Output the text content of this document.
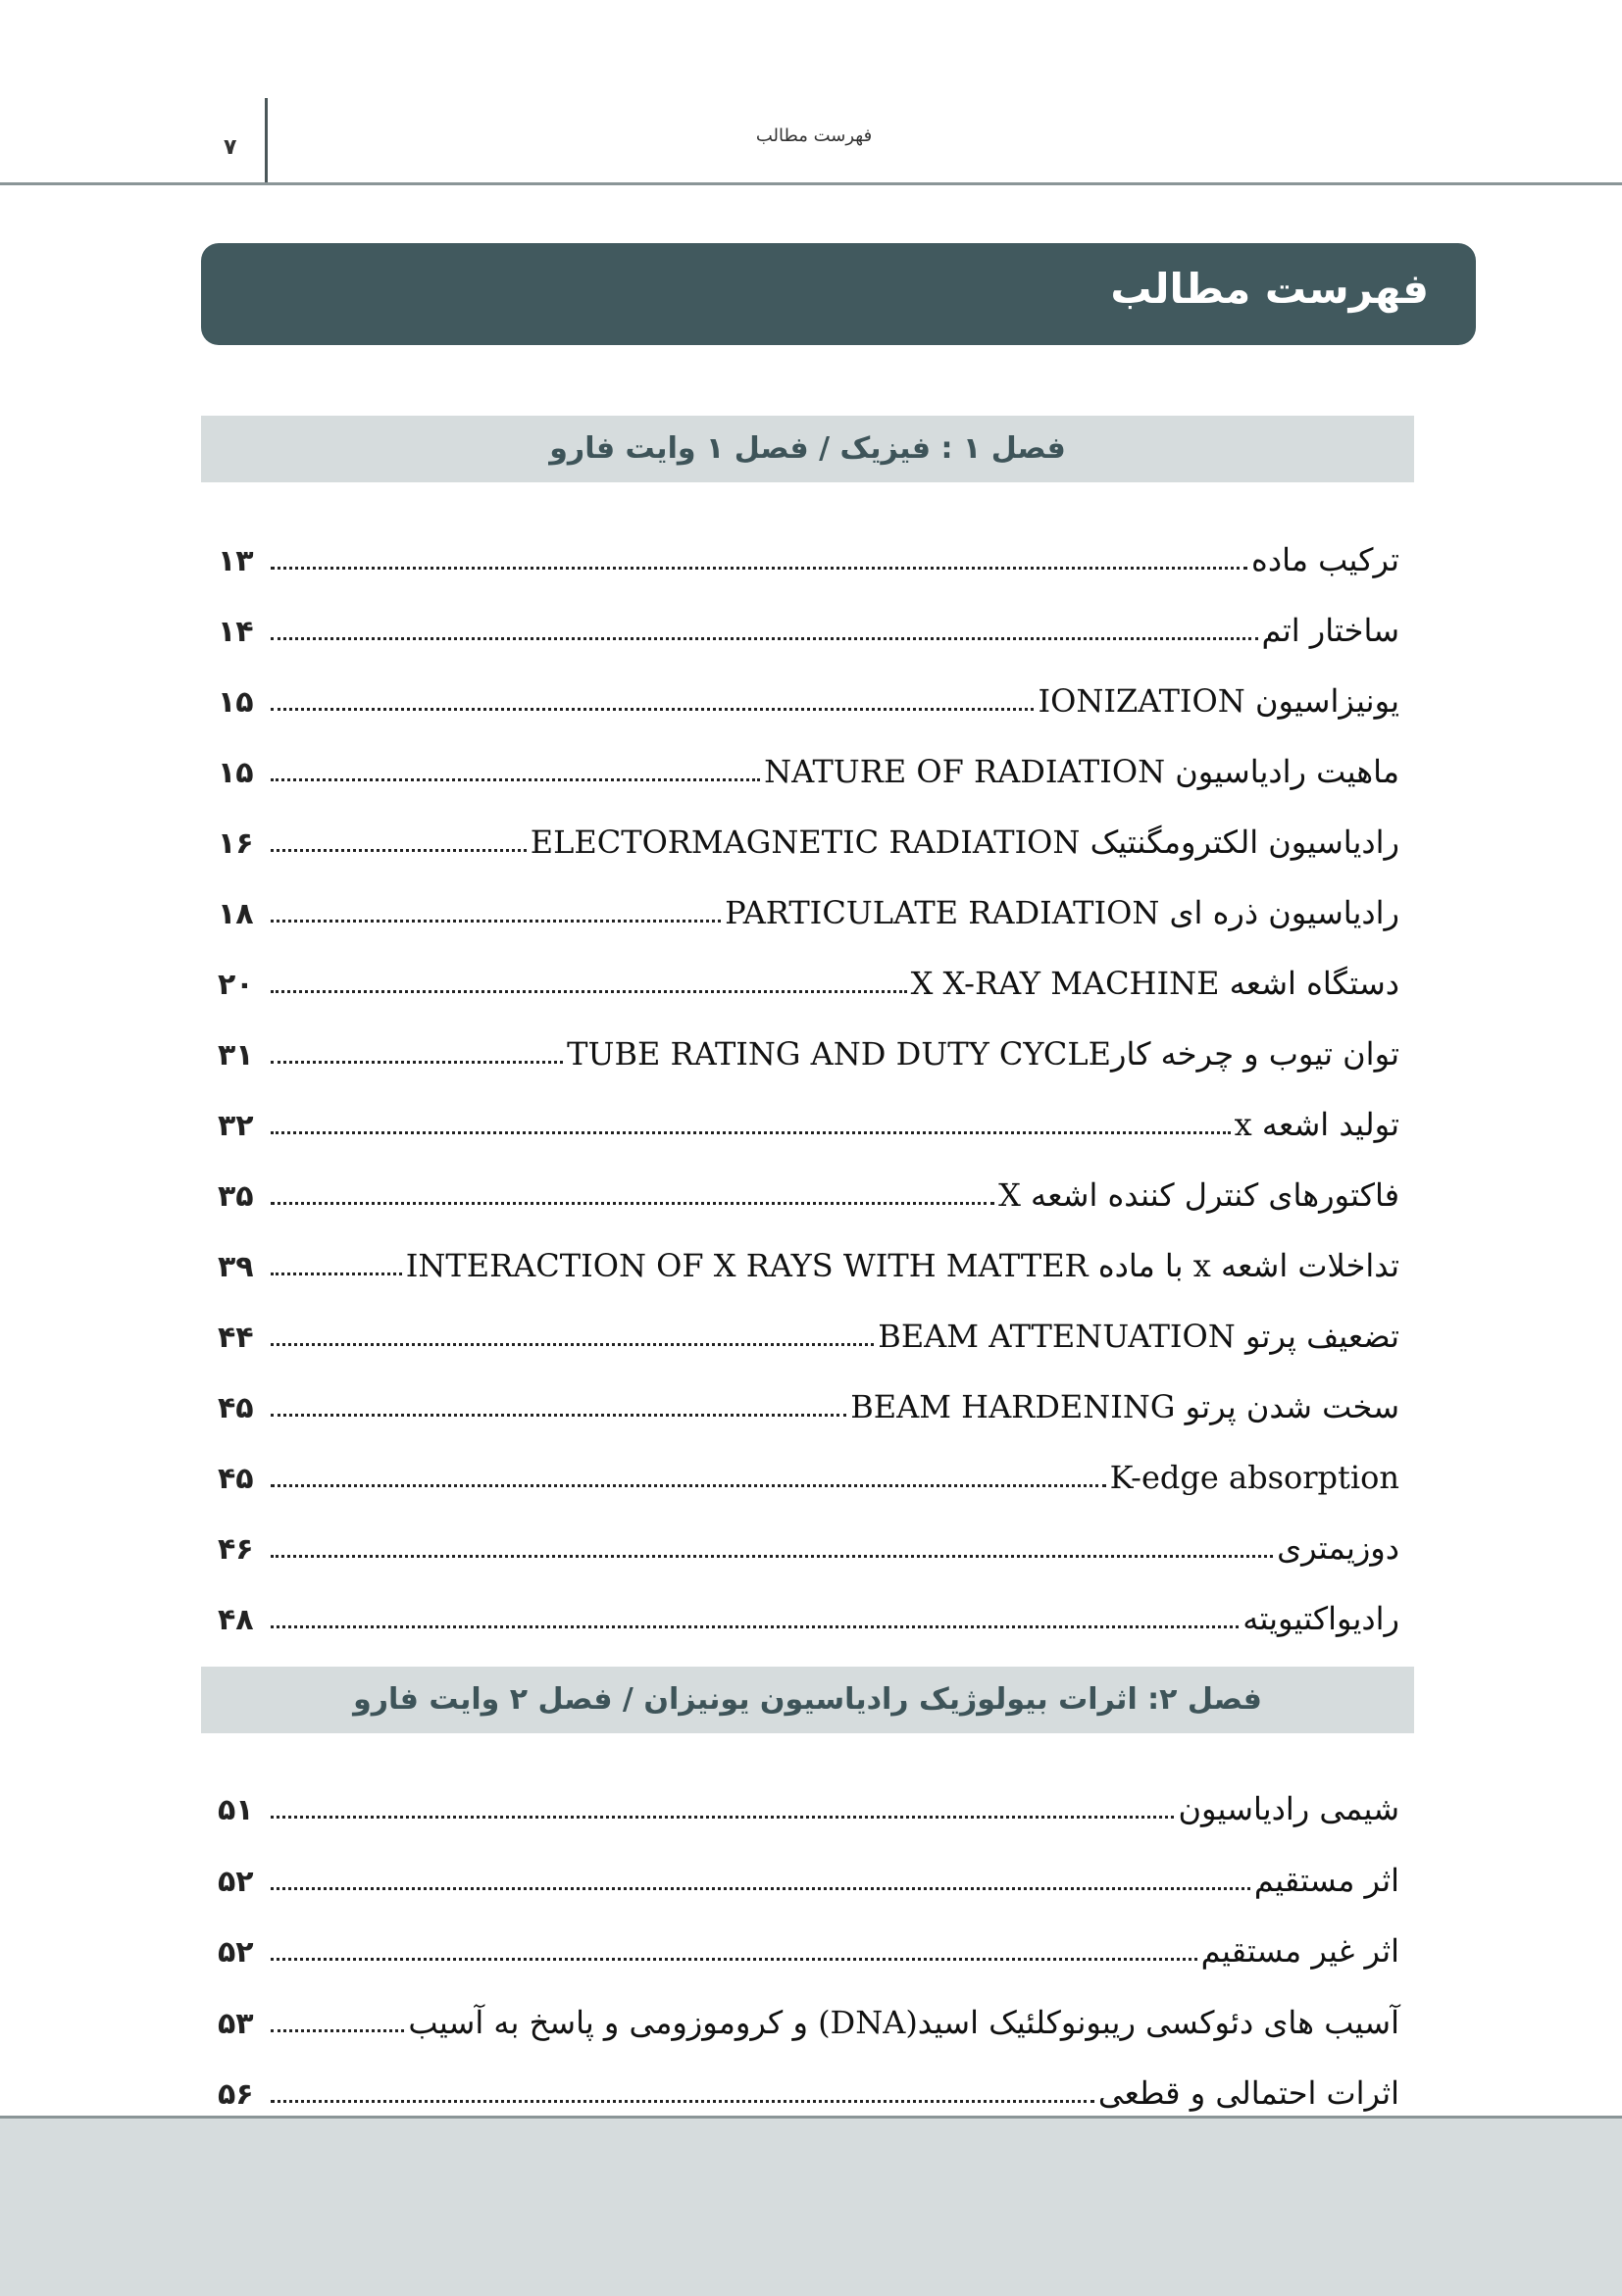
۷	فهرست مطالب
فهرست مطالب
فصل ۱ : فیزیک / فصل ۱ وایت فارو
ترکیب ماده
۱۳
ساختار اتم
۱۴
یونیزاسیون IONIZATION
۱۵
ماهیت رادیاسیون NATURE OF RADIATION
۱۵
رادیاسیون الکترومگنتیک ELECTORMAGNETIC RADIATION
۱۶
رادیاسیون ذره ای PARTICULATE RADIATION
۱۸
دستگاه اشعه X X-RAY MACHINE
۲۰
توان تیوب و چرخه کارTUBE RATING AND DUTY CYCLE
۳۱
تولید اشعه x
۳۲
فاکتورهای کنترل کننده اشعه X
۳۵
تداخلات اشعه x با ماده INTERACTION OF X RAYS WITH MATTER
۳۹
تضعیف پرتو BEAM ATTENUATION
۴۴
سخت شدن پرتو BEAM HARDENING
۴۵
K-edge absorption
۴۵
دوزیمتری
۴۶
رادیواکتیویته
۴۸
فصل ۲: اثرات بیولوژیک رادیاسیون یونیزان / فصل ۲ وایت فارو
شیمی رادیاسیون
۵۱
اثر مستقیم
۵۲
اثر غیر مستقیم
۵۲
آسیب های دئوکسی ریبونوکلئیک اسید(DNA) و کروموزومی و پاسخ به آسیب
۵۳
اثرات احتمالی و قطعی
۵۶
